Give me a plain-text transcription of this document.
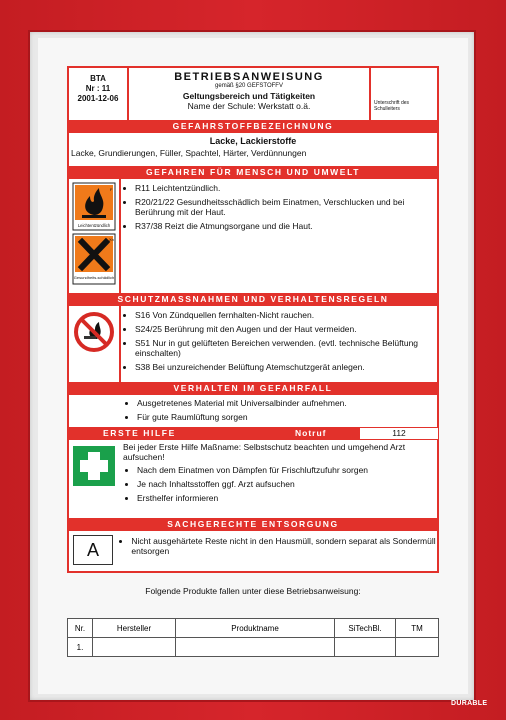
BTA
Nr : 11
2001-12-06
BETRIEBSANWEISUNG
gemäß §20 GEFSTOFFV
Geltungsbereich und Tätigkeiten
Name der Schule: Werkstatt o.ä.	Unterschrift des Schulleiters
GEFAHRSTOFFBEZEICHNUNG
Lacke, Lackierstoffe
Lacke, Grundierungen, Füller, Spachtel, Härter, Verdünnungen
GEFAHREN FÜR MENSCH UND UMWELT
F
Leichtentzündlich
Xn
Gesundheits-schädlich
• R11 Leichtentzündlich.
• R20/21/22 Gesundheitsschädlich beim Einatmen, Verschlucken und bei Berührung mit der Haut.
• R37/38 Reizt die Atmungsorgane und die Haut.
SCHUTZMASSNAHMEN UND VERHALTENSREGELN
• S16 Von Zündquellen fernhalten-Nicht rauchen.
• S24/25 Berührung mit den Augen und der Haut vermeiden.
• S51 Nur in gut gelüfteten Bereichen verwenden. (evtl. technische Belüftung einschalten)
• S38 Bei unzureichender Belüftung Atemschutzgerät anlegen.
VERHALTEN IM GEFAHRFALL
• Ausgetretenes Material mit Universalbinder aufnehmen.
• Für gute Raumlüftung sorgen
ERSTE HILFE	Notruf	112
Bei jeder Erste Hilfe Maßname: Selbstschutz beachten und umgehend Arzt aufsuchen!
• Nach dem Einatmen von Dämpfen für Frischluftzufuhr sorgen
• Je nach Inhaltsstoffen ggf. Arzt aufsuchen
• Ersthelfer informieren
SACHGERECHTE ENTSORGUNG
A	• Nicht ausgehärtete Reste nicht in den Hausmüll, sondern separat als Sondermüll entsorgen
Folgende Produkte fallen unter diese Betriebsanweisung:
Nr.	Hersteller	Produktname	SiTechBl.	TM
1.				
DURABLE
